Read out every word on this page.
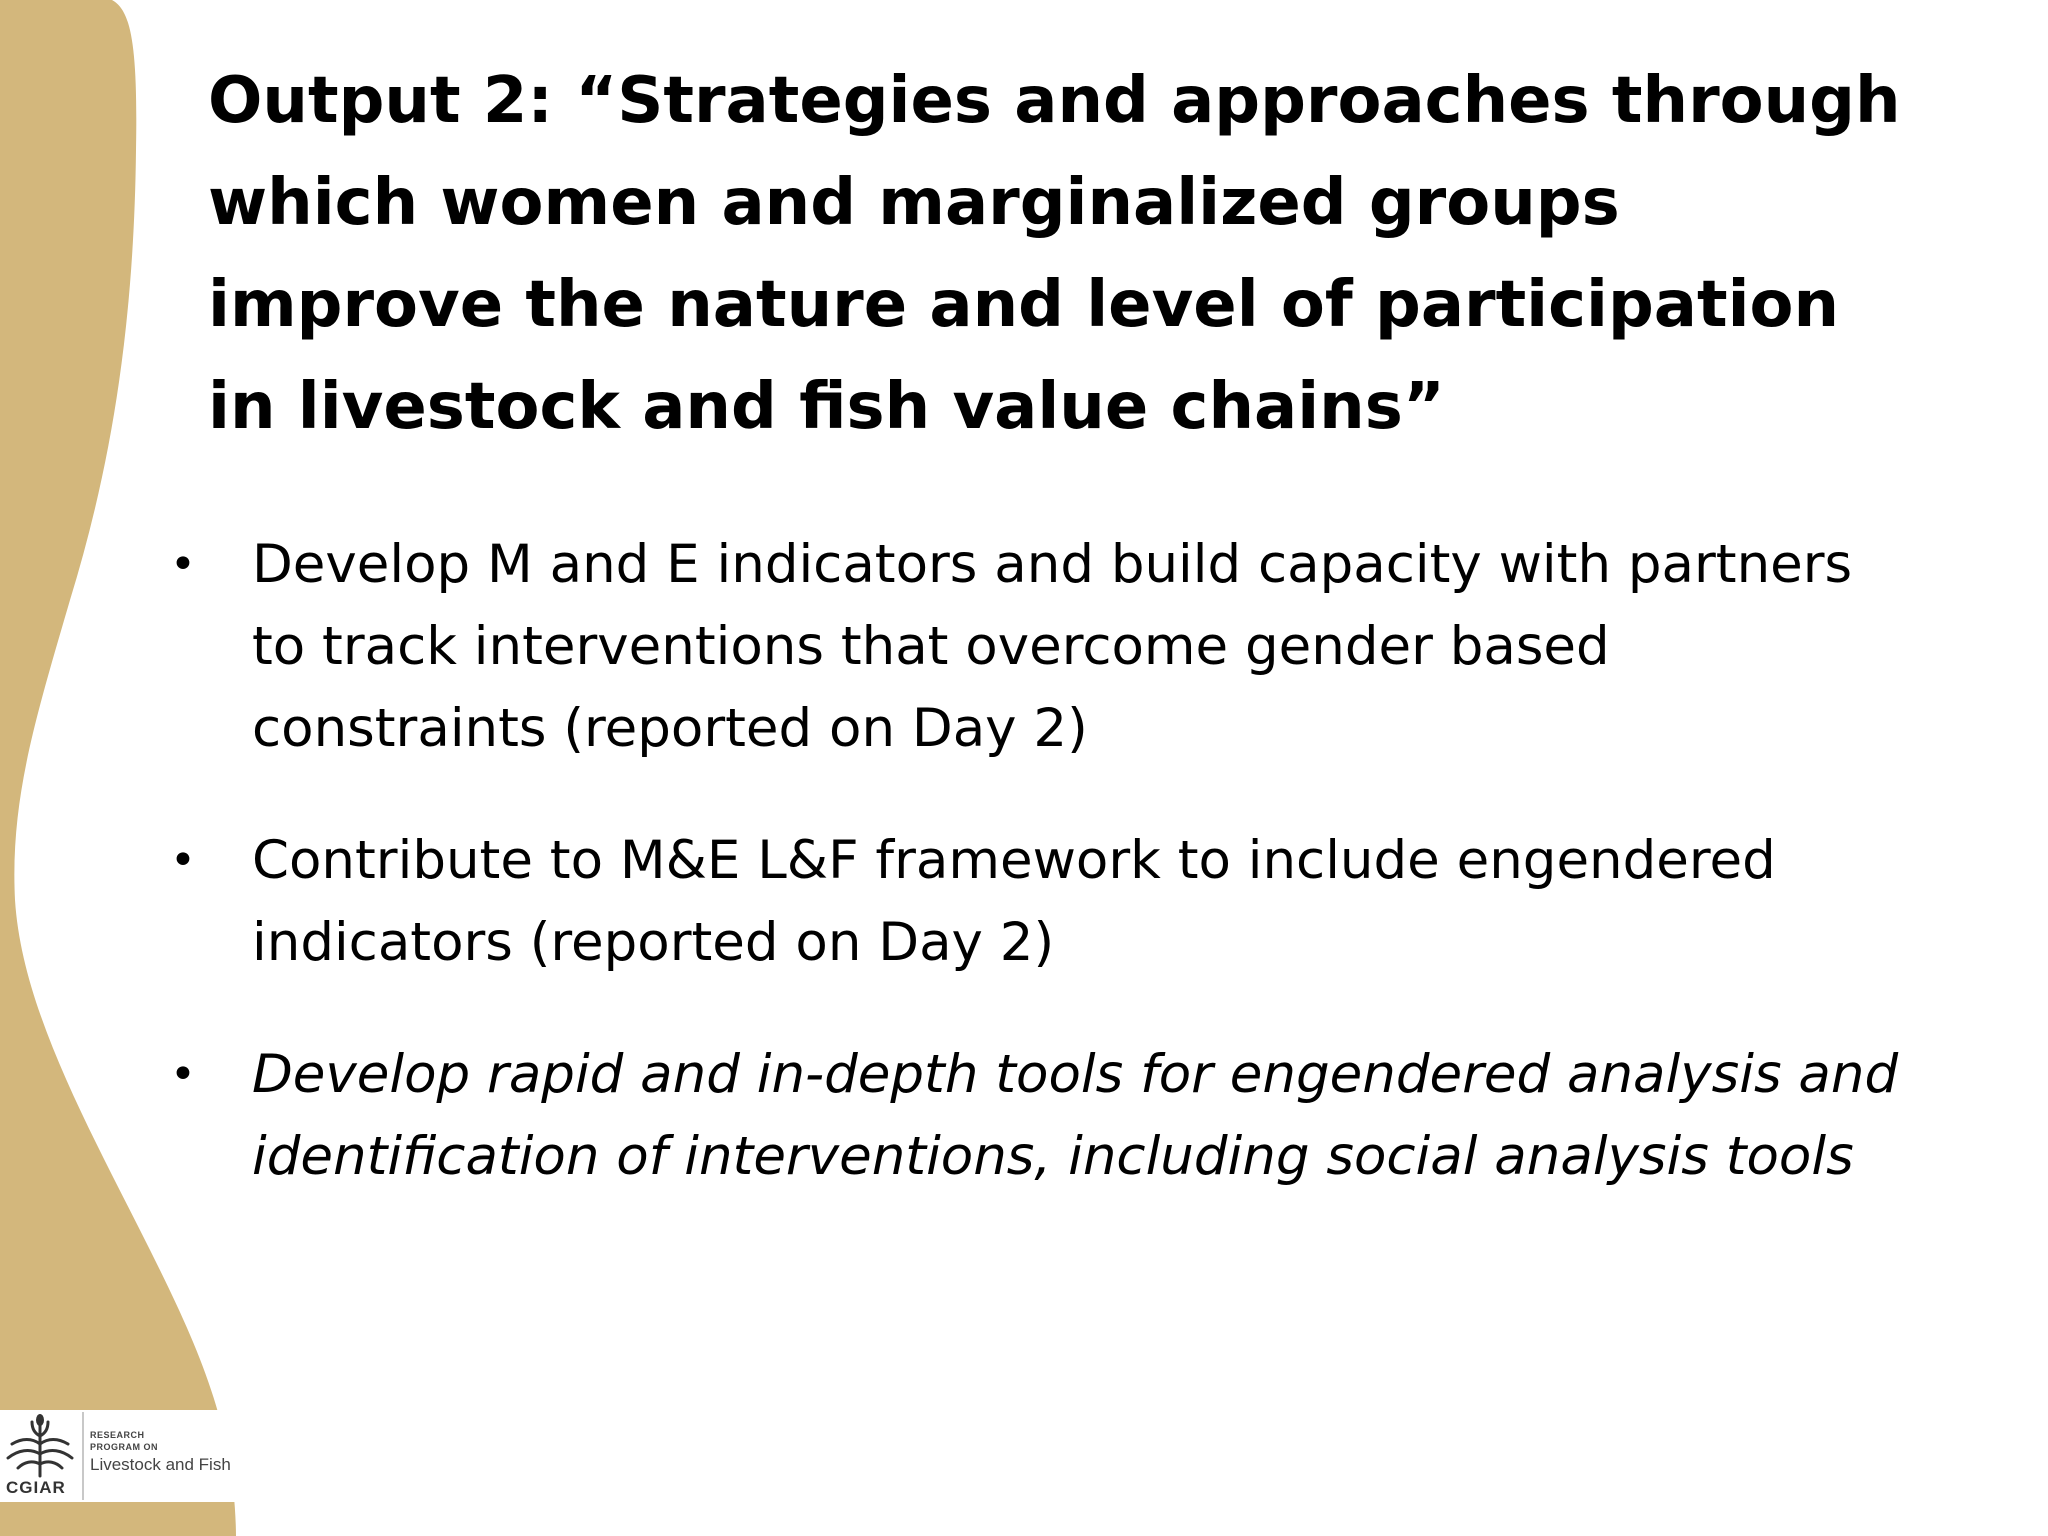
Output 2: “Strategies and approaches through
which women and marginalized groups
improve the nature and level of participation
in livestock and fish value chains”
• Develop M and E indicators and build capacity with partners
to track interventions that overcome gender based
constraints (reported on Day 2)
• Contribute to M&E L&F framework to include engendered
indicators (reported on Day 2)
• Develop rapid and in-depth tools for engendered analysis and
identification of interventions, including social analysis tools
CGIAR
RESEARCH
PROGRAM ON
Livestock and Fish
